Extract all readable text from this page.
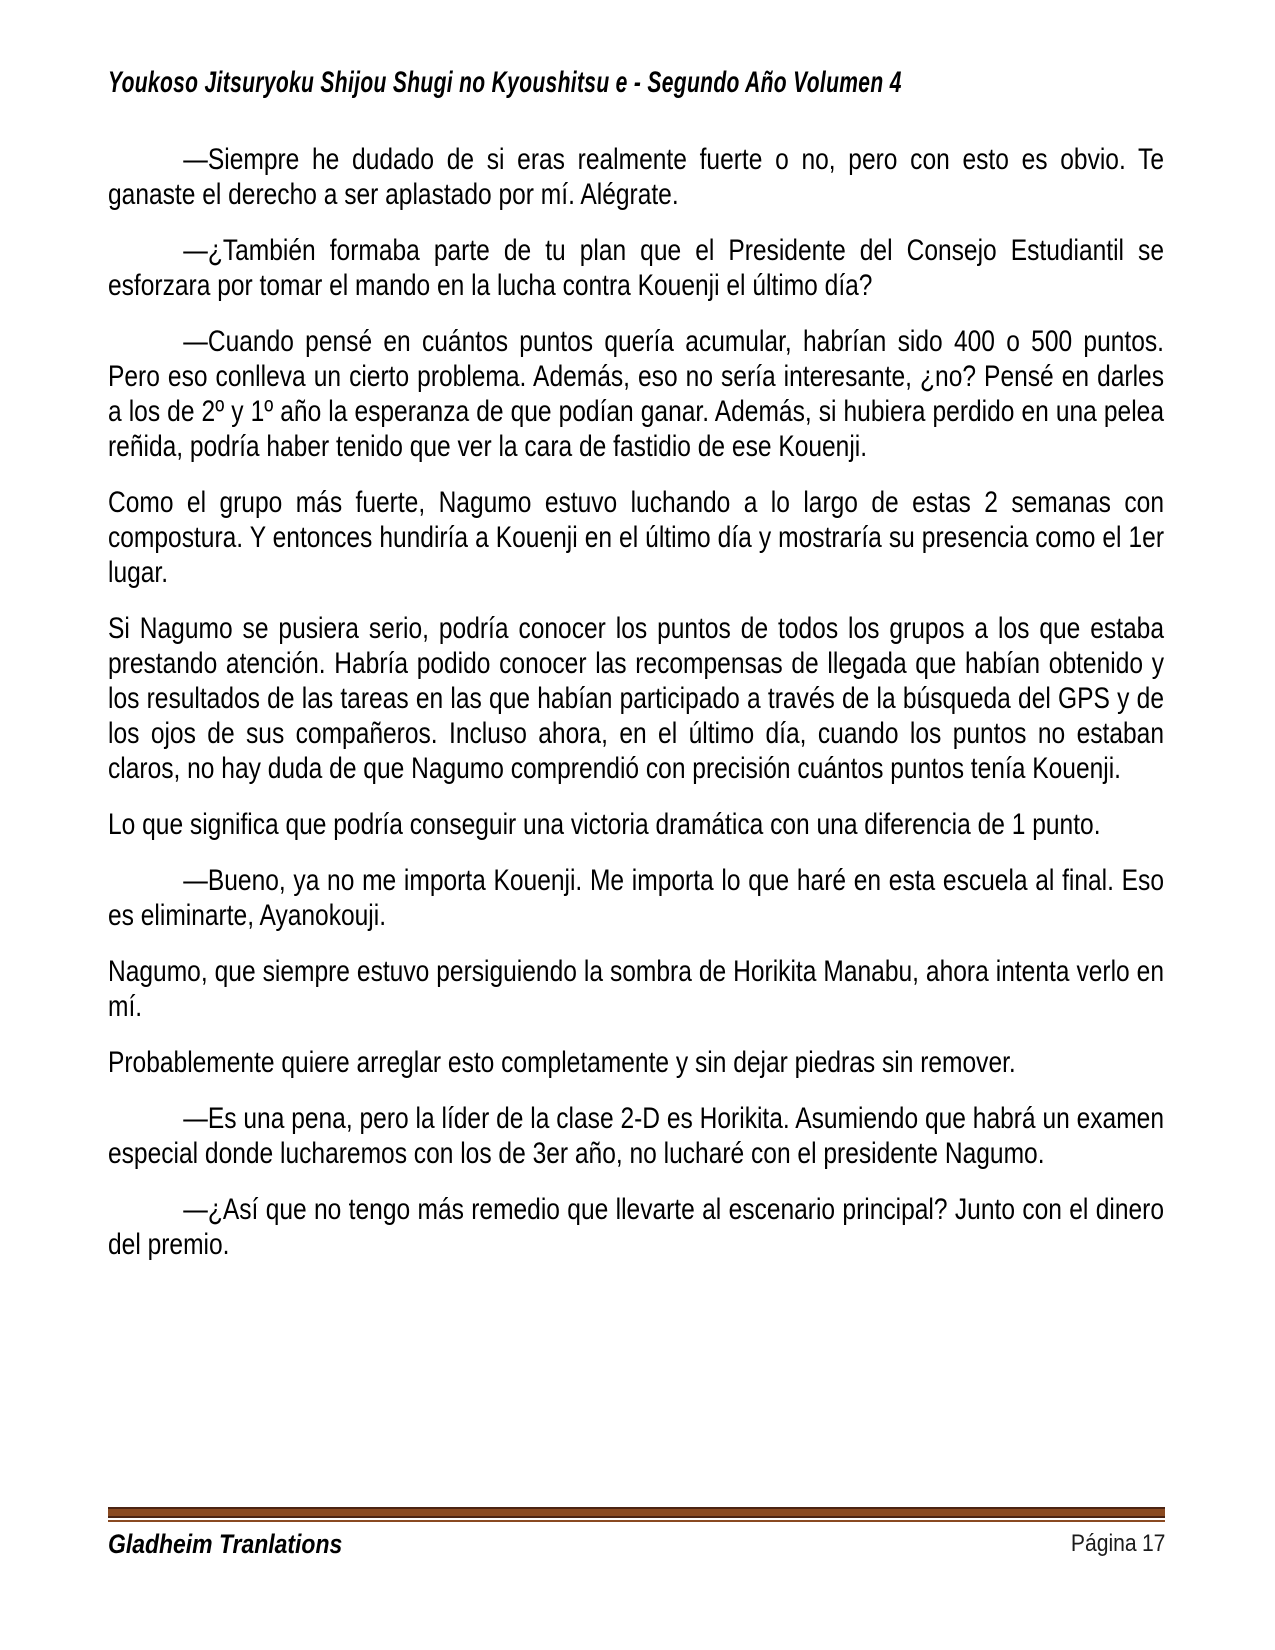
Youkoso Jitsuryoku Shijou Shugi no Kyoushitsu e - Segundo Año Volumen 4

—Siempre he dudado de si eras realmente fuerte o no, pero con esto es obvio. Te ganaste el derecho a ser aplastado por mí. Alégrate.

—¿También formaba parte de tu plan que el Presidente del Consejo Estudiantil se esforzara por tomar el mando en la lucha contra Kouenji el último día?

—Cuando pensé en cuántos puntos quería acumular, habrían sido 400 o 500 puntos. Pero eso conlleva un cierto problema. Además, eso no sería interesante, ¿no? Pensé en darles a los de 2º y 1º año la esperanza de que podían ganar. Además, si hubiera perdido en una pelea reñida, podría haber tenido que ver la cara de fastidio de ese Kouenji.

Como el grupo más fuerte, Nagumo estuvo luchando a lo largo de estas 2 semanas con compostura. Y entonces hundiría a Kouenji en el último día y mostraría su presencia como el 1er lugar.

Si Nagumo se pusiera serio, podría conocer los puntos de todos los grupos a los que estaba prestando atención. Habría podido conocer las recompensas de llegada que habían obtenido y los resultados de las tareas en las que habían participado a través de la búsqueda del GPS y de los ojos de sus compañeros. Incluso ahora, en el último día, cuando los puntos no estaban claros, no hay duda de que Nagumo comprendió con precisión cuántos puntos tenía Kouenji.

Lo que significa que podría conseguir una victoria dramática con una diferencia de 1 punto.

—Bueno, ya no me importa Kouenji. Me importa lo que haré en esta escuela al final. Eso es eliminarte, Ayanokouji.

Nagumo, que siempre estuvo persiguiendo la sombra de Horikita Manabu, ahora intenta verlo en mí.

Probablemente quiere arreglar esto completamente y sin dejar piedras sin remover.

—Es una pena, pero la líder de la clase 2-D es Horikita. Asumiendo que habrá un examen especial donde lucharemos con los de 3er año, no lucharé con el presidente Nagumo.

—¿Así que no tengo más remedio que llevarte al escenario principal? Junto con el dinero del premio.

Gladheim Tranlations	Página 17
